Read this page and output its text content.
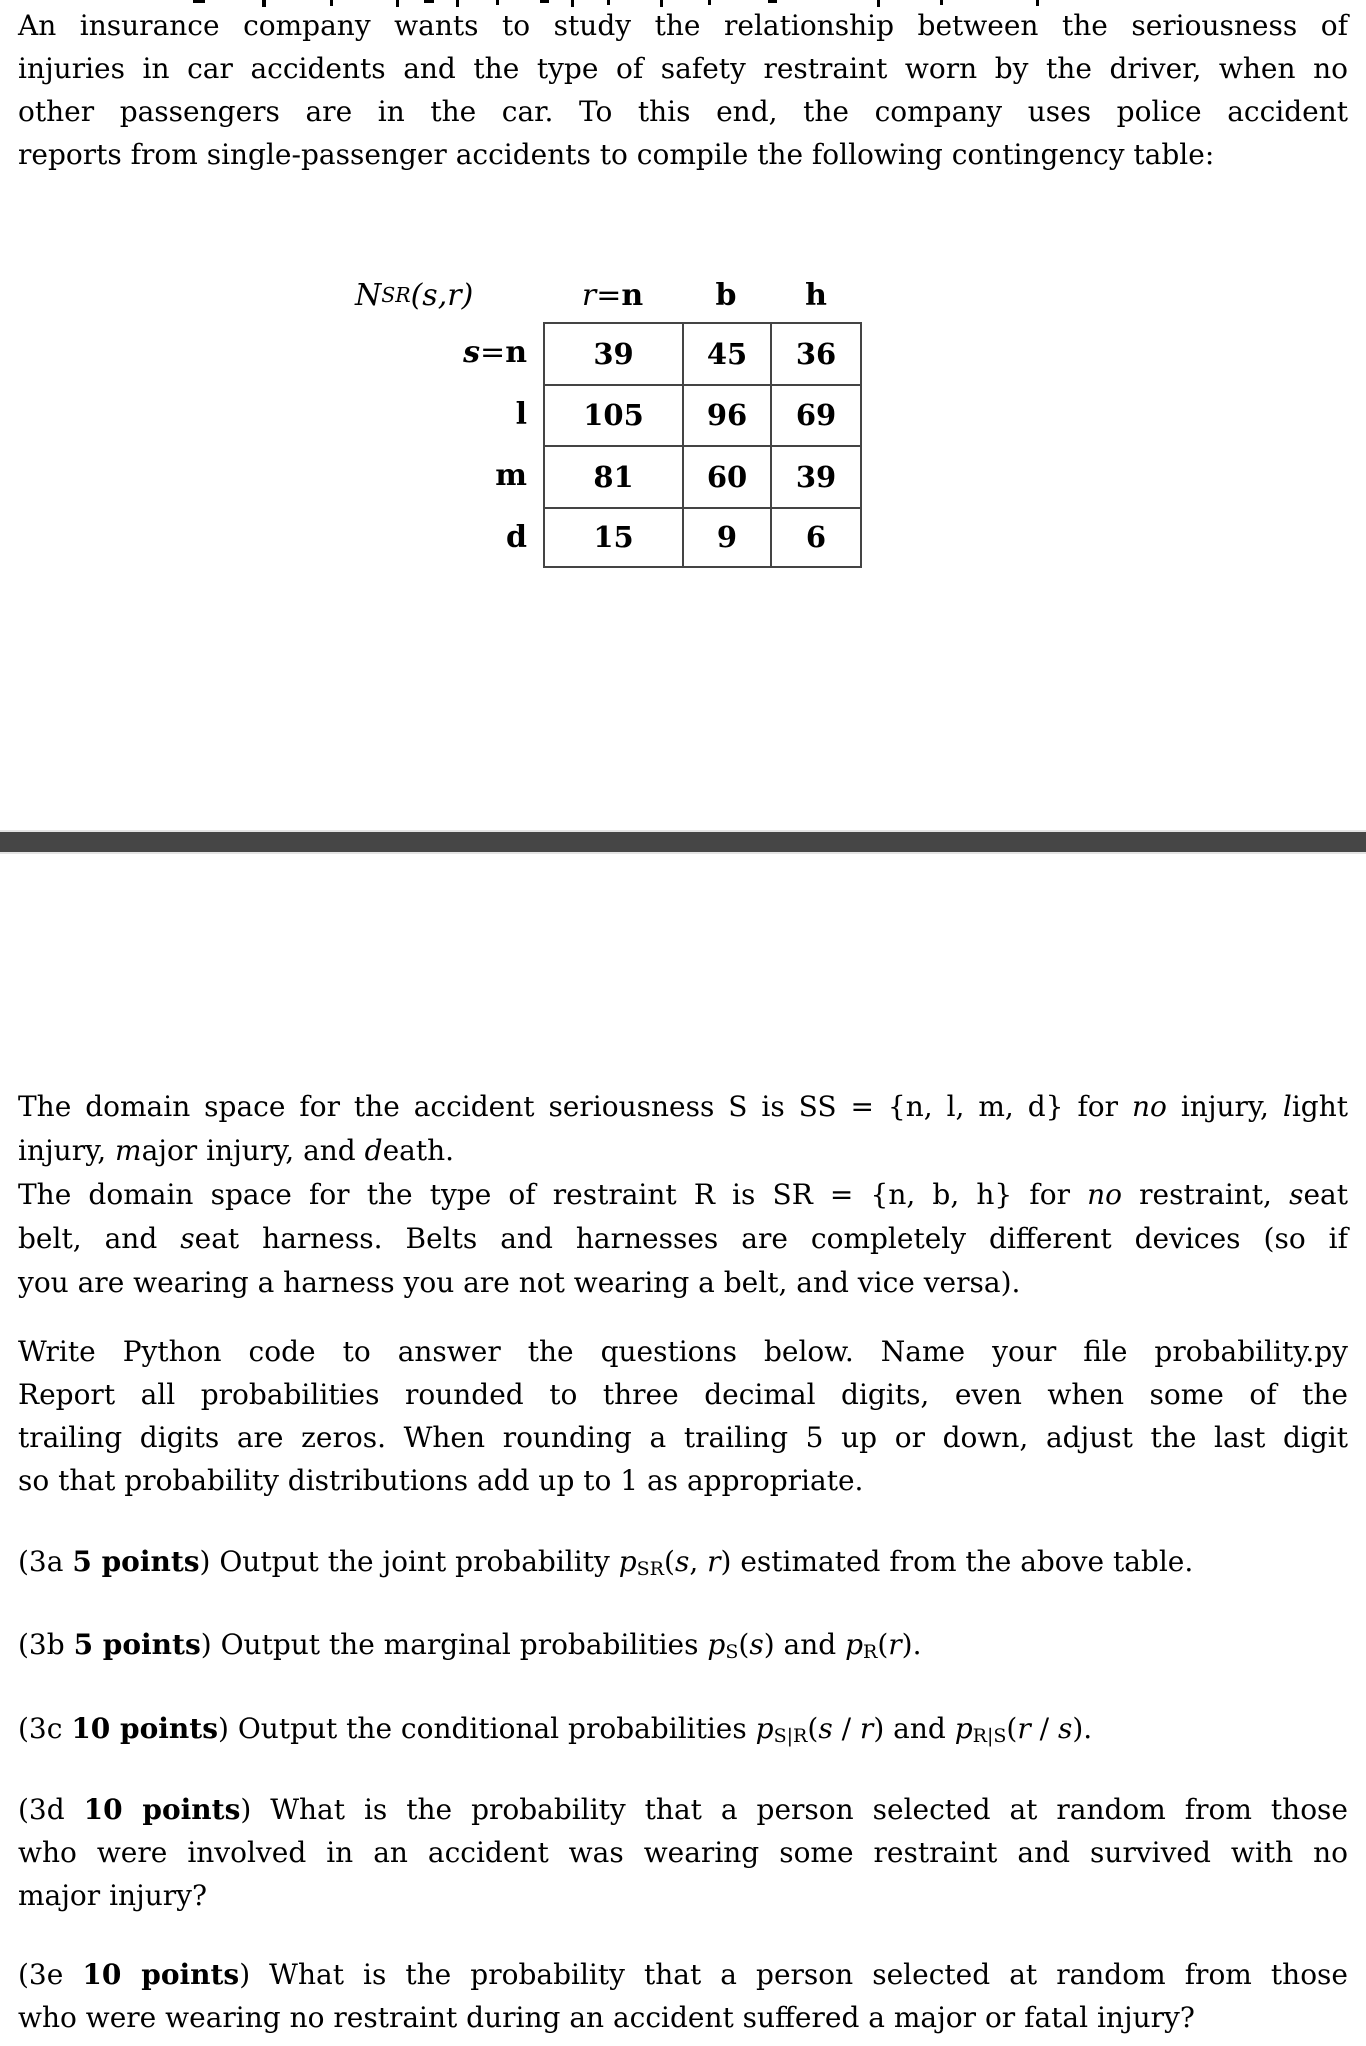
An insurance company wants to study the relationship between the seriousness of
injuries in car accidents and the type of safety restraint worn by the driver, when no
other passengers are in the car. To this end, the company uses police accident
reports from single-passenger accidents to compile the following contingency table:
N SR ( s , r )	r = n	b	h
s = n	39	45	36
l	105	96	69
m	81	60	39
d	15	9	6
The domain space for the accident seriousness S is SS = {n, l, m, d} for no injury, light
injury, major injury, and death.
The domain space for the type of restraint R is SR = {n, b, h} for no restraint, seat
belt, and seat harness. Belts and harnesses are completely different devices (so if
you are wearing a harness you are not wearing a belt, and vice versa).
Write Python code to answer the questions below. Name your file probability.py
Report all probabilities rounded to three decimal digits, even when some of the
trailing digits are zeros. When rounding a trailing 5 up or down, adjust the last digit
so that probability distributions add up to 1 as appropriate.
(3a 5 points) Output the joint probability $p_{SR}(s$, r) estimated from the above table.
(3b 5 points) Output the marginal probabilities $p_S(s)$ and $p_R(r)$.
(3c 10 points) Output the conditional probabilities $p_{S|R}(s / r)$ and $p_{R|S}(r / s)$.
(3d 10 points) What is the probability that a person selected at random from those
who were involved in an accident was wearing some restraint and survived with no
major injury?
(3e 10 points) What is the probability that a person selected at random from those
who were wearing no restraint during an accident suffered a major or fatal injury?
